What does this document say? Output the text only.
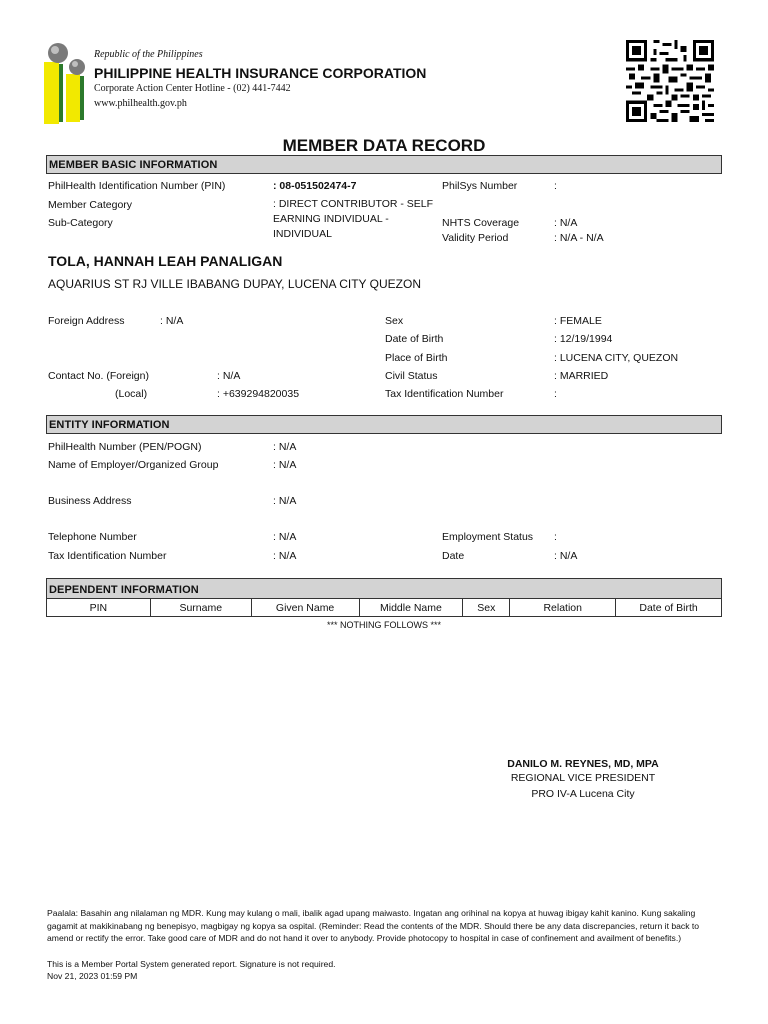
Republic of the Philippines
PHILIPPINE HEALTH INSURANCE CORPORATION
Corporate Action Center Hotline - (02) 441-7442
www.philhealth.gov.ph
MEMBER DATA RECORD
MEMBER BASIC INFORMATION
PhilHealth Identification Number (PIN)	: 08-051502474-7	PhilSys Number	:
Member Category	: DIRECT CONTRIBUTOR - SELF EARNING INDIVIDUAL - INDIVIDUAL
Sub-Category	NHTS Coverage	: N/A
Validity Period	: N/A - N/A
TOLA, HANNAH LEAH PANALIGAN
AQUARIUS ST RJ VILLE IBABANG DUPAY, LUCENA CITY QUEZON
Foreign Address	: N/A	Sex	: FEMALE
Date of Birth	: 12/19/1994
Place of Birth	: LUCENA CITY, QUEZON
Contact No. (Foreign)	: N/A	Civil Status	: MARRIED
(Local)	: +639294820035	Tax Identification Number	:
ENTITY INFORMATION
PhilHealth Number (PEN/POGN)	: N/A
Name of Employer/Organized Group	: N/A
Business Address	: N/A
Telephone Number	: N/A	Employment Status :
Tax Identification Number	: N/A	Date	: N/A
DEPENDENT INFORMATION
PIN	Surname	Given Name	Middle Name	Sex	Relation	Date of Birth
*** NOTHING FOLLOWS ***
DANILO M. REYNES, MD, MPA
REGIONAL VICE PRESIDENT
PRO IV-A Lucena City
Paalala: Basahin ang nilalaman ng MDR. Kung may kulang o mali, ibalik agad upang maiwasto. Ingatan ang orihinal na kopya at huwag ibigay kahit kanino. Kung sakaling gagamit at makikinabang ng benepisyo, magbigay ng kopya sa ospital. (Reminder: Read the contents of the MDR. Should there be any data discrepancies, return it back to amend or rectify the error. Take good care of MDR and do not hand it over to anybody. Provide photocopy to hospital in case of confinement and availment of benefits.)
This is a Member Portal System generated report. Signature is not required.
Nov 21, 2023 01:59 PM
